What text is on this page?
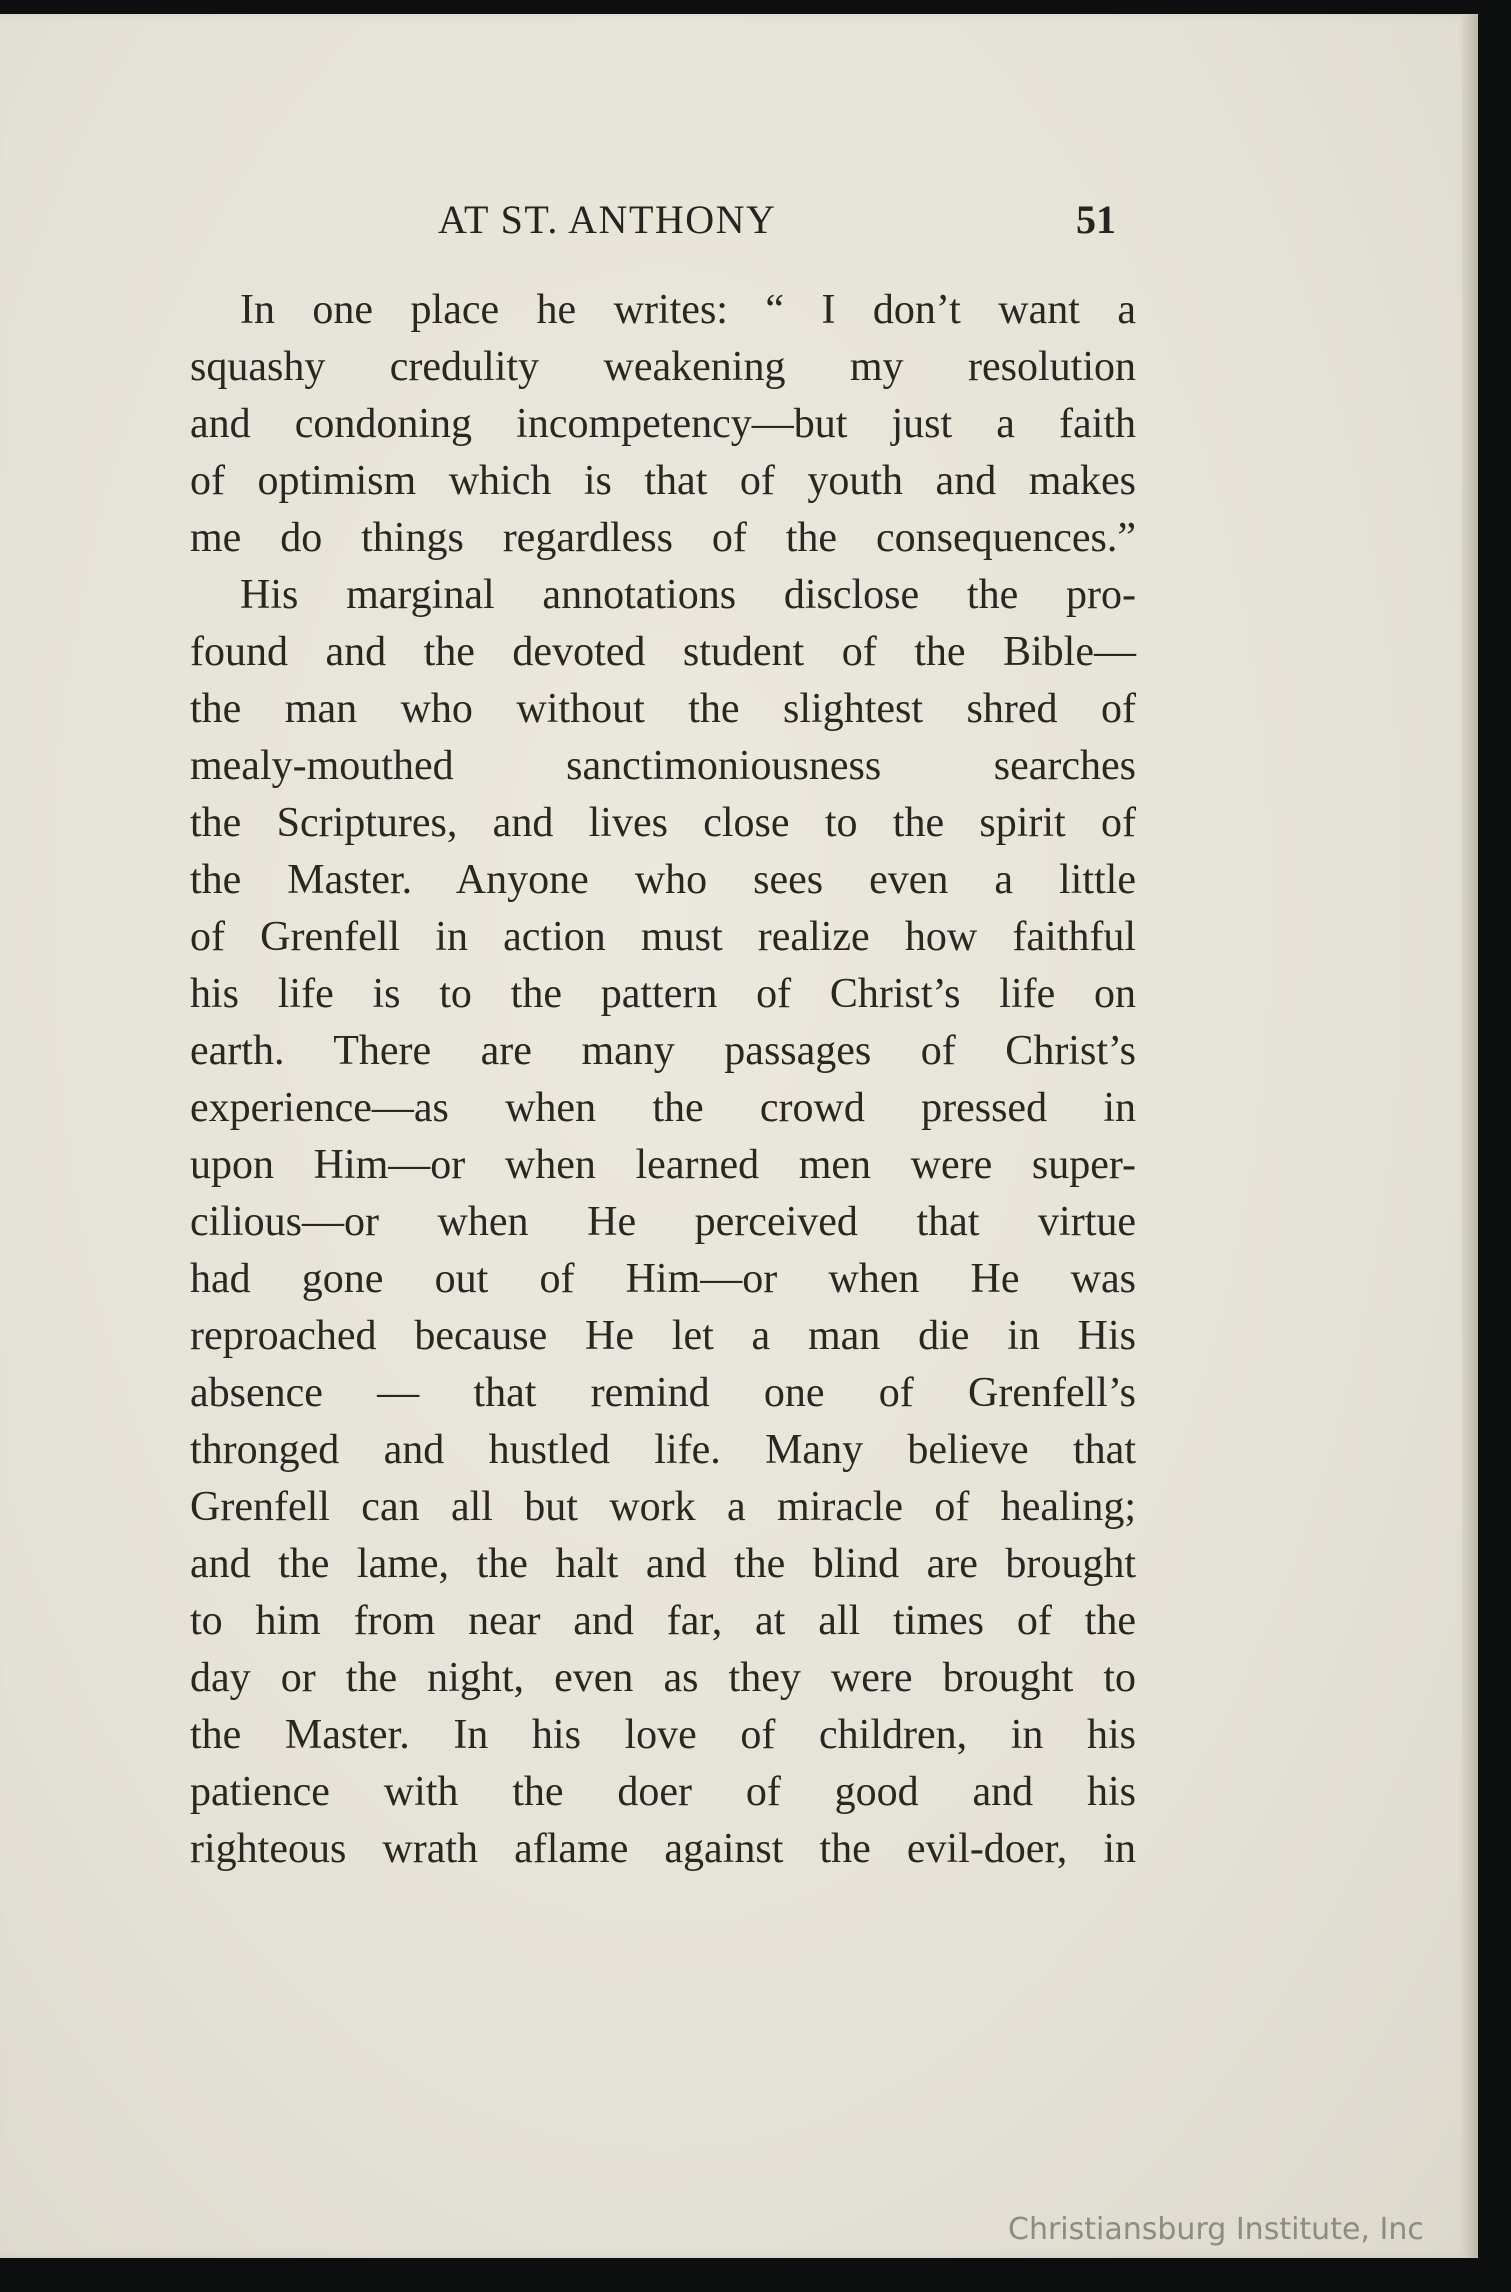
AT ST. ANTHONY	51
In one place he writes: “ I don’t want a
squashy credulity weakening my resolution
and condoning incompetency—but just a faith
of optimism which is that of youth and makes
me do things regardless of the consequences.”
His marginal annotations disclose the pro-
found and the devoted student of the Bible—
the man who without the slightest shred of
mealy-mouthed sanctimoniousness searches
the Scriptures, and lives close to the spirit of
the Master. Anyone who sees even a little
of Grenfell in action must realize how faithful
his life is to the pattern of Christ’s life on
earth. There are many passages of Christ’s
experience—as when the crowd pressed in
upon Him—or when learned men were super-
cilious—or when He perceived that virtue
had gone out of Him—or when He was
reproached because He let a man die in His
absence — that remind one of Grenfell’s
thronged and hustled life. Many believe that
Grenfell can all but work a miracle of healing;
and the lame, the halt and the blind are brought
to him from near and far, at all times of the
day or the night, even as they were brought to
the Master. In his love of children, in his
patience with the doer of good and his
righteous wrath aflame against the evil-doer, in
Christiansburg Institute, Inc
